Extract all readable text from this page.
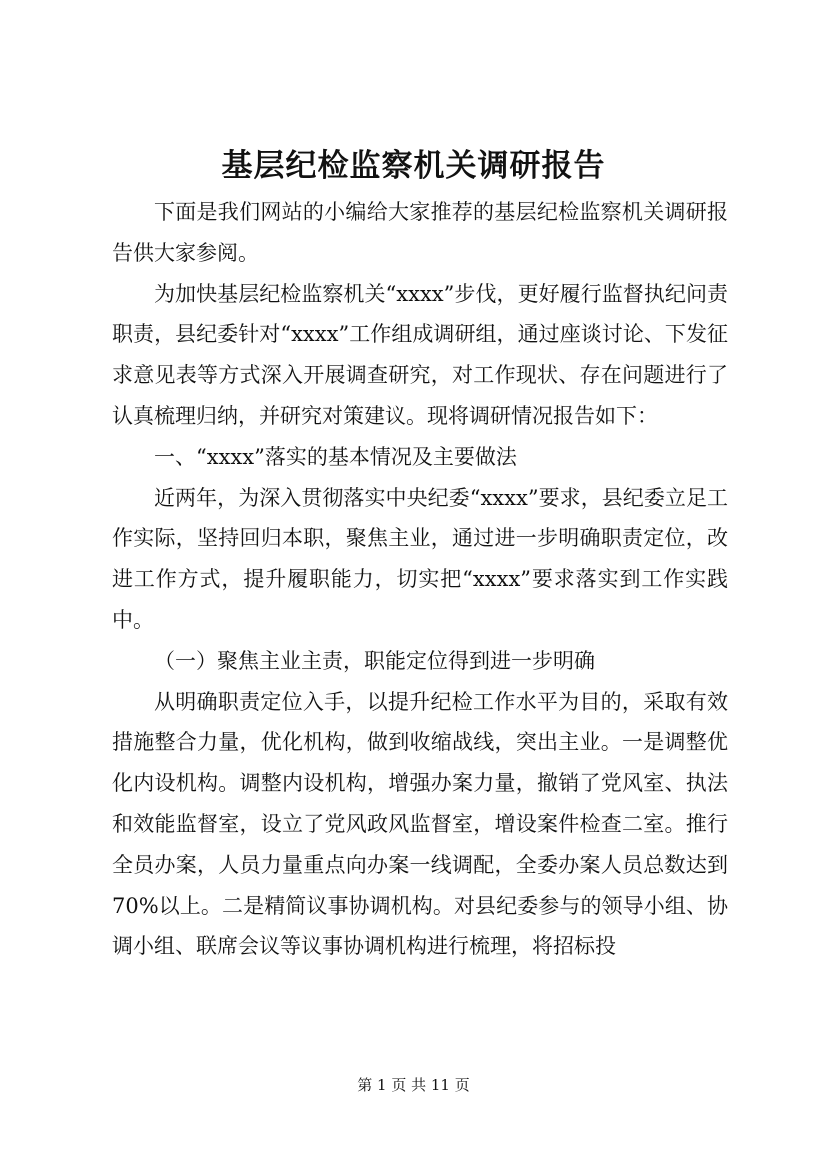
基层纪检监察机关调研报告

下面是我们网站的小编给大家推荐的基层纪检监察机关调研报告供大家参阅。

为加快基层纪检监察机关“xxxx”步伐，更好履行监督执纪问责职责，县纪委针对“xxxx”工作组成调研组，通过座谈讨论、下发征求意见表等方式深入开展调查研究，对工作现状、存在问题进行了认真梳理归纳，并研究对策建议。现将调研情况报告如下：

一、“xxxx”落实的基本情况及主要做法

近两年，为深入贯彻落实中央纪委“xxxx”要求，县纪委立足工作实际，坚持回归本职，聚焦主业，通过进一步明确职责定位，改进工作方式，提升履职能力，切实把“xxxx”要求落实到工作实践中。

（一）聚焦主业主责，职能定位得到进一步明确

从明确职责定位入手，以提升纪检工作水平为目的，采取有效措施整合力量，优化机构，做到收缩战线，突出主业。一是调整优化内设机构。调整内设机构，增强办案力量，撤销了党风室、执法和效能监督室，设立了党风政风监督室，增设案件检查二室。推行全员办案，人员力量重点向办案一线调配，全委办案人员总数达到70%以上。二是精简议事协调机构。对县纪委参与的领导小组、协调小组、联席会议等议事协调机构进行梳理，将招标投

第 1 页 共 11 页
